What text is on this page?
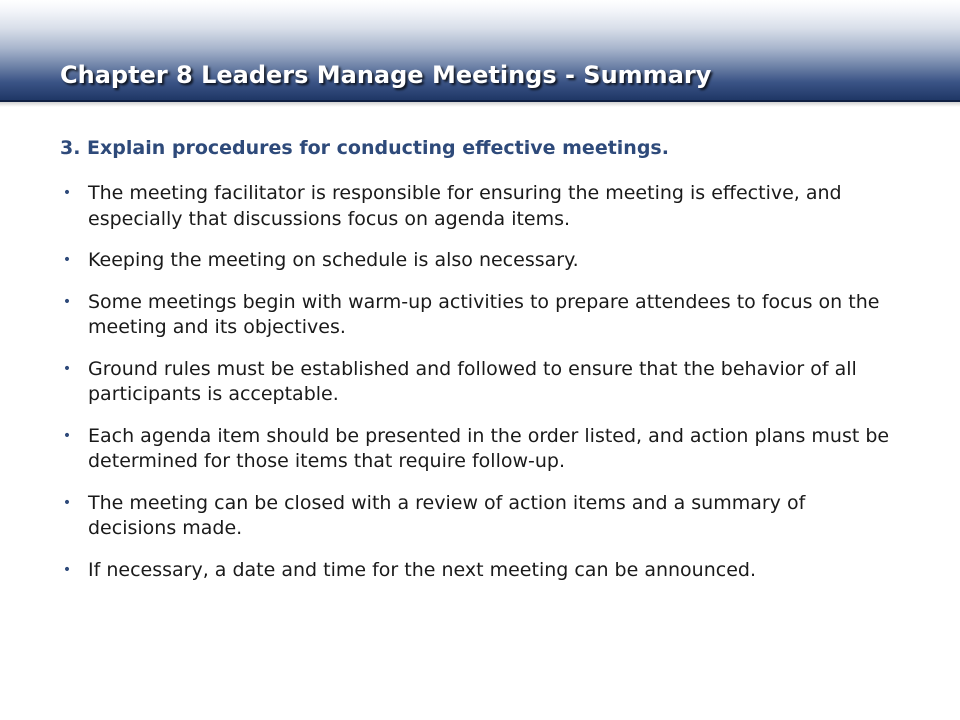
Chapter 8 Leaders Manage Meetings - Summary
3. Explain procedures for conducting effective meetings.
• The meeting facilitator is responsible for ensuring the meeting is effective, and especially that discussions focus on agenda items.
• Keeping the meeting on schedule is also necessary.
• Some meetings begin with warm-up activities to prepare attendees to focus on the meeting and its objectives.
• Ground rules must be established and followed to ensure that the behavior of all participants is acceptable.
• Each agenda item should be presented in the order listed, and action plans must be determined for those items that require follow-up.
• The meeting can be closed with a review of action items and a summary of decisions made.
• If necessary, a date and time for the next meeting can be announced.
